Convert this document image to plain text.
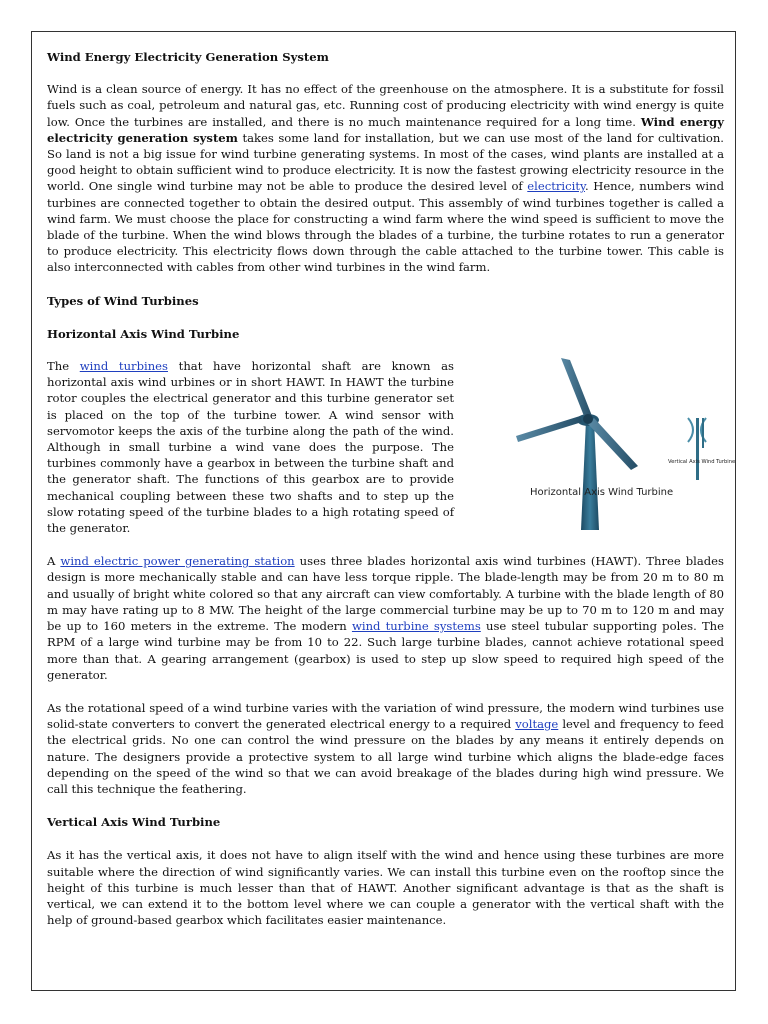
Wind Energy Electricity Generation System

Wind is a clean source of energy. It has no effect of the greenhouse on the atmosphere. It is a substitute for fossil fuels such as coal, petroleum and natural gas, etc. Running cost of producing electricity with wind energy is quite low. Once the turbines are installed, and there is no much maintenance required for a long time. Wind energy electricity generation system takes some land for installation, but we can use most of the land for cultivation. So land is not a big issue for wind turbine generating systems. In most of the cases, wind plants are installed at a good height to obtain sufficient wind to produce electricity. It is now the fastest growing electricity resource in the world. One single wind turbine may not be able to produce the desired level of electricity. Hence, numbers wind turbines are connected together to obtain the desired output. This assembly of wind turbines together is called a wind farm. We must choose the place for constructing a wind farm where the wind speed is sufficient to move the blade of the turbine. When the wind blows through the blades of a turbine, the turbine rotates to run a generator to produce electricity. This electricity flows down through the cable attached to the turbine tower. This cable is also interconnected with cables from other wind turbines in the wind farm.

Types of Wind Turbines

Horizontal Axis Wind Turbine

Vertical Axis Wind Turbine
Horizontal Axis Wind Turbine

The wind turbines that have horizontal shaft are known as horizontal axis wind urbines or in short HAWT. In HAWT the turbine rotor couples the electrical generator and this turbine generator set is placed on the top of the turbine tower. A wind sensor with servomotor keeps the axis of the turbine along the path of the wind. Although in small turbine a wind vane does the purpose. The turbines commonly have a gearbox in between the turbine shaft and the generator shaft. The functions of this gearbox are to provide mechanical coupling between these two shafts and to step up the slow rotating speed of the turbine blades to a high rotating speed of the generator.

A wind electric power generating station uses three blades horizontal axis wind turbines (HAWT). Three blades design is more mechanically stable and can have less torque ripple. The blade-length may be from 20 m to 80 m and usually of bright white colored so that any aircraft can view comfortably. A turbine with the blade length of 80 m may have rating up to 8 MW. The height of the large commercial turbine may be up to 70 m to 120 m and may be up to 160 meters in the extreme. The modern wind turbine systems use steel tubular supporting poles. The RPM of a large wind turbine may be from 10 to 22. Such large turbine blades, cannot achieve rotational speed more than that. A gearing arrangement (gearbox) is used to step up slow speed to required high speed of the generator.

As the rotational speed of a wind turbine varies with the variation of wind pressure, the modern wind turbines use solid-state converters to convert the generated electrical energy to a required voltage level and frequency to feed the electrical grids. No one can control the wind pressure on the blades by any means it entirely depends on nature. The designers provide a protective system to all large wind turbine which aligns the blade-edge faces depending on the speed of the wind so that we can avoid breakage of the blades during high wind pressure. We call this technique the feathering.

Vertical Axis Wind Turbine

As it has the vertical axis, it does not have to align itself with the wind and hence using these turbines are more suitable where the direction of wind significantly varies. We can install this turbine even on the rooftop since the height of this turbine is much lesser than that of HAWT. Another significant advantage is that as the shaft is vertical, we can extend it to the bottom level where we can couple a generator with the vertical shaft with the help of ground-based gearbox which facilitates easier maintenance.
